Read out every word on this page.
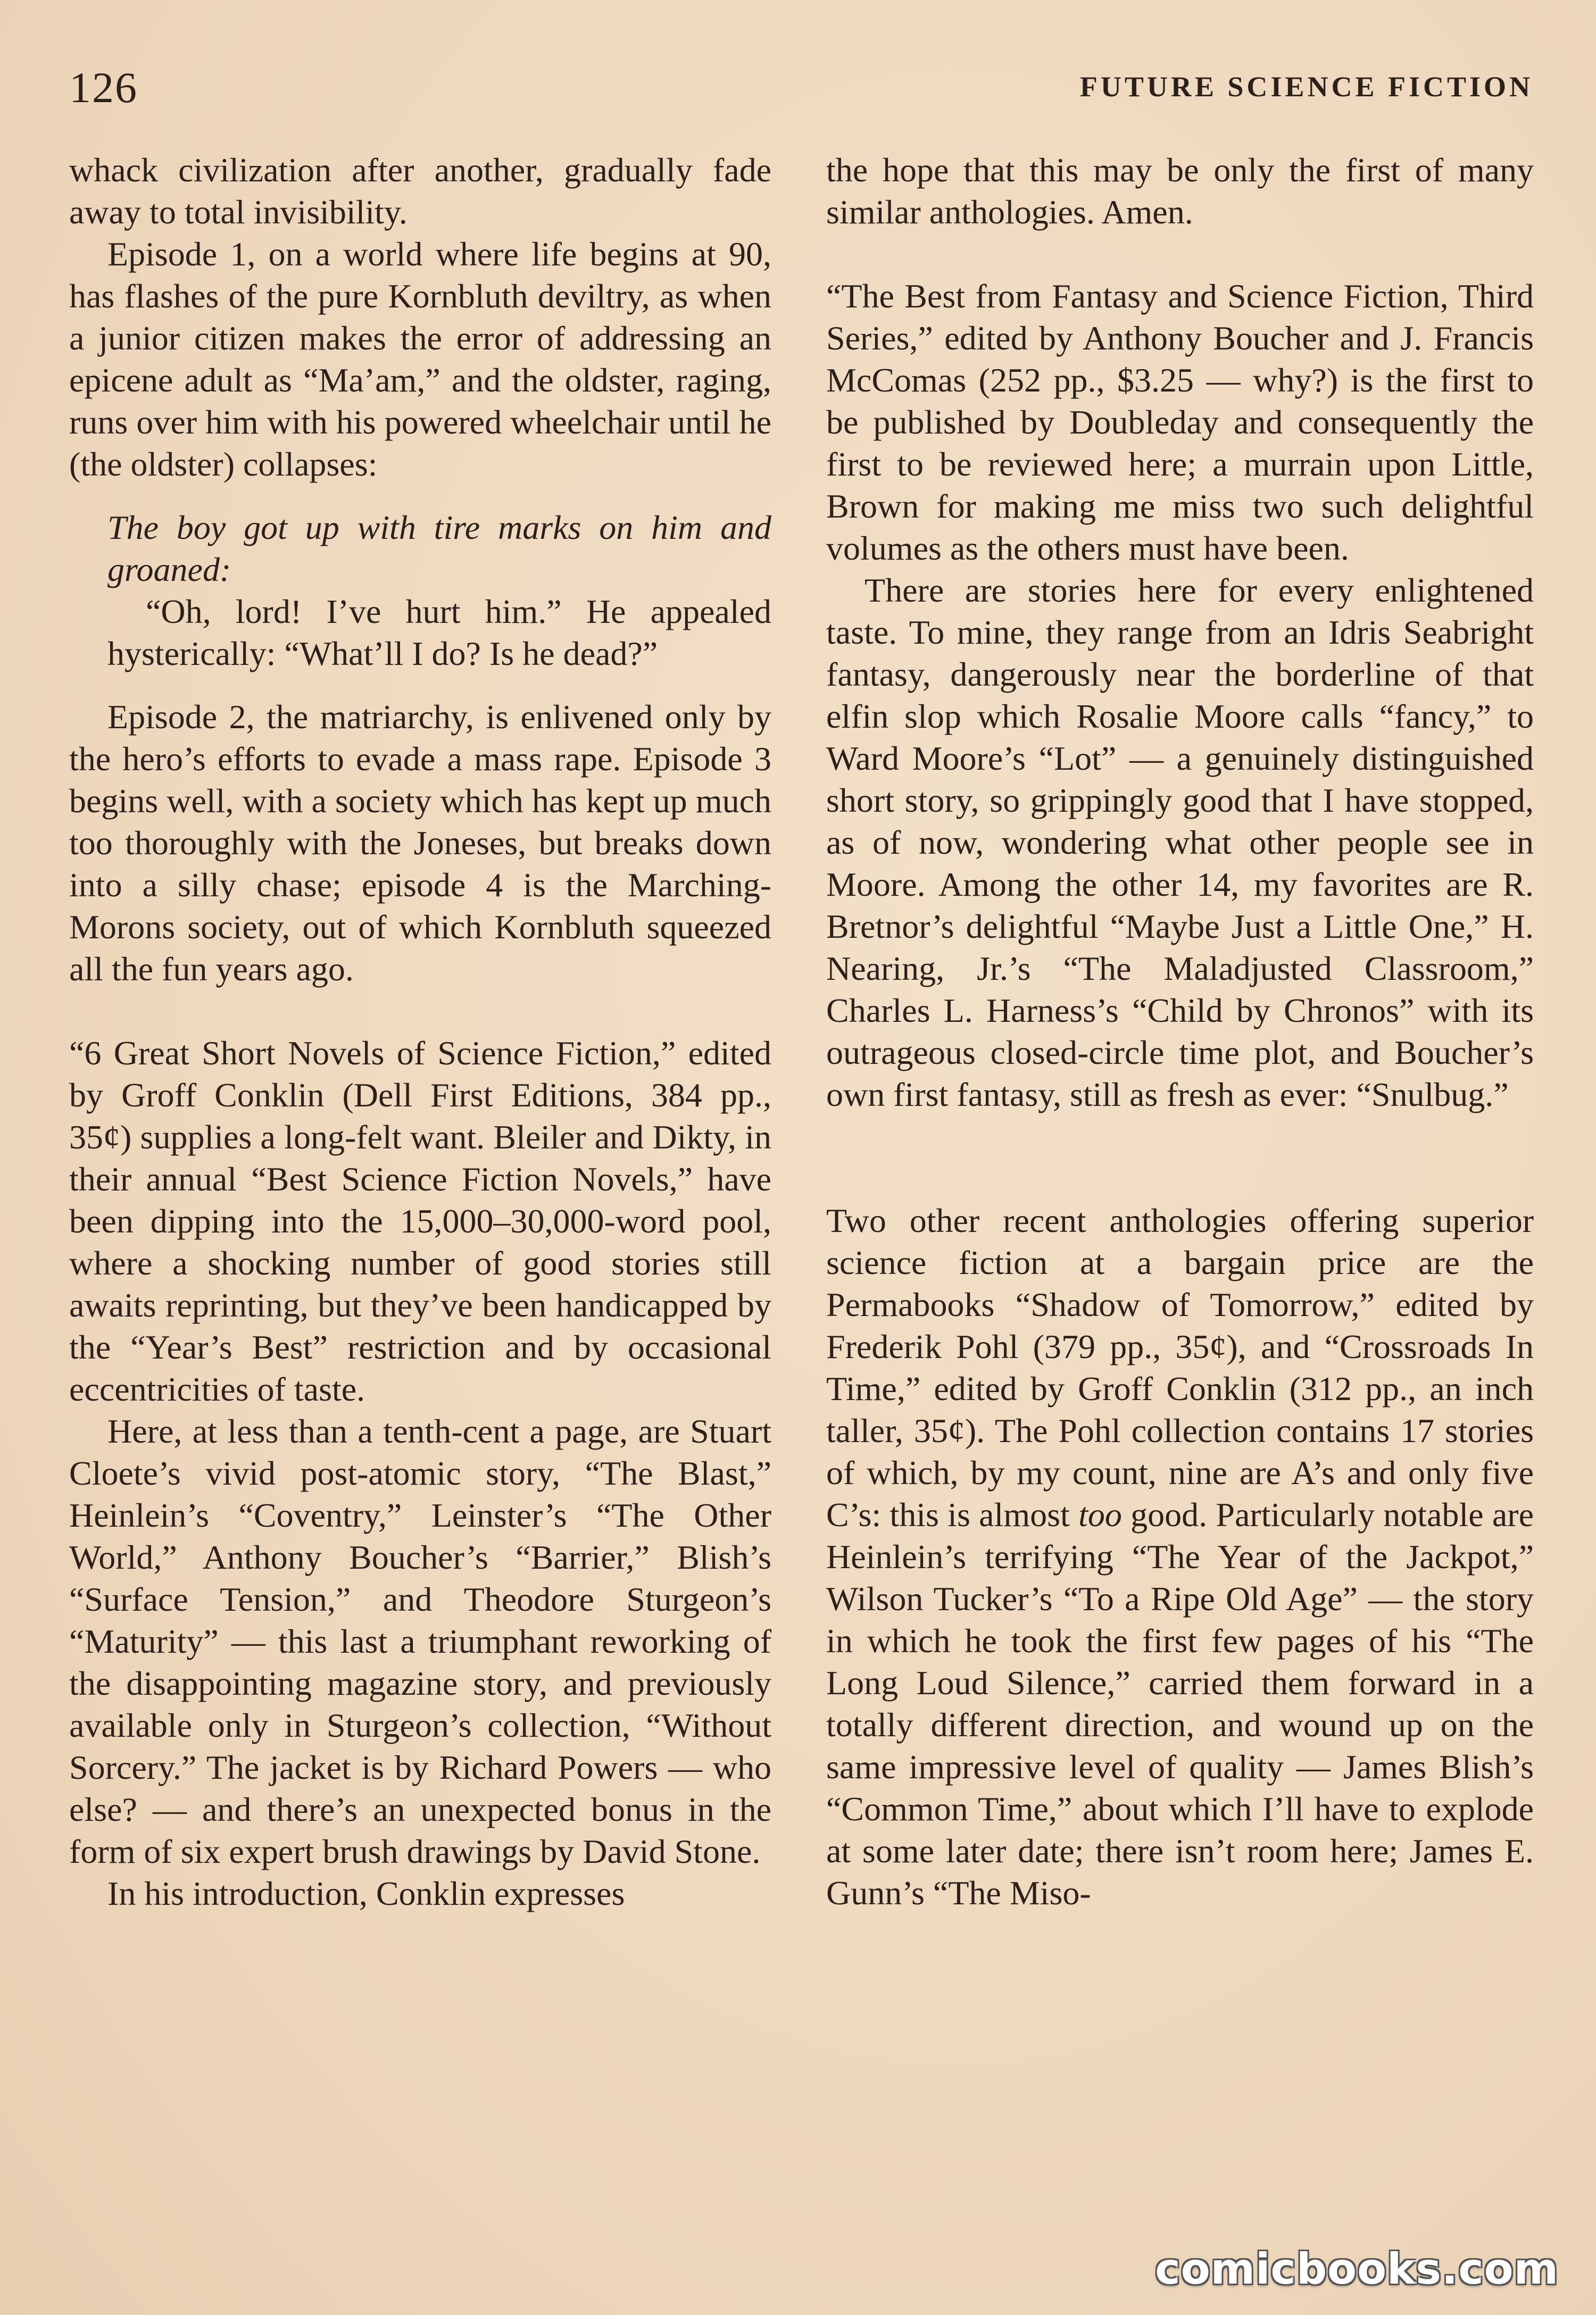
126	FUTURE SCIENCE FICTION

whack civilization after another, gradually fade away to total invisibility.

Episode 1, on a world where life begins at 90, has flashes of the pure Kornbluth deviltry, as when a junior citizen makes the error of addressing an epicene adult as “Ma’am,” and the oldster, raging, runs over him with his powered wheelchair until he (the oldster) collapses:

The boy got up with tire marks on him and groaned:

“Oh, lord! I’ve hurt him.” He appealed hysterically: “What’ll I do? Is he dead?”

Episode 2, the matriarchy, is enlivened only by the hero’s efforts to evade a mass rape. Episode 3 begins well, with a society which has kept up much too thoroughly with the Joneses, but breaks down into a silly chase; episode 4 is the Marching-Morons society, out of which Kornbluth squeezed all the fun years ago.

“6 Great Short Novels of Science Fiction,” edited by Groff Conklin (Dell First Editions, 384 pp., 35¢) supplies a long-felt want. Bleiler and Dikty, in their annual “Best Science Fiction Novels,” have been dipping into the 15,000–30,000-word pool, where a shocking number of good stories still awaits reprinting, but they’ve been handicapped by the “Year’s Best” restriction and by occasional eccentricities of taste.

Here, at less than a tenth-cent a page, are Stuart Cloete’s vivid post-atomic story, “The Blast,” Heinlein’s “Coventry,” Leinster’s “The Other World,” Anthony Boucher’s “Barrier,” Blish’s “Surface Tension,” and Theodore Sturgeon’s “Maturity” — this last a triumphant reworking of the disappointing magazine story, and previously available only in Sturgeon’s collection, “Without Sorcery.” The jacket is by Richard Powers — who else? — and there’s an unexpected bonus in the form of six expert brush drawings by David Stone.

In his introduction, Conklin expresses

the hope that this may be only the first of many similar anthologies. Amen.

“The Best from Fantasy and Science Fiction, Third Series,” edited by Anthony Boucher and J. Francis McComas (252 pp., $3.25 — why?) is the first to be published by Doubleday and consequently the first to be reviewed here; a murrain upon Little, Brown for making me miss two such delightful volumes as the others must have been.

There are stories here for every enlightened taste. To mine, they range from an Idris Seabright fantasy, dangerously near the borderline of that elfin slop which Rosalie Moore calls “fancy,” to Ward Moore’s “Lot” — a genuinely distinguished short story, so grippingly good that I have stopped, as of now, wondering what other people see in Moore. Among the other 14, my favorites are R. Bretnor’s delightful “Maybe Just a Little One,” H. Nearing, Jr.’s “The Maladjusted Classroom,” Charles L. Harness’s “Child by Chronos” with its outrageous closed-circle time plot, and Boucher’s own first fantasy, still as fresh as ever: “Snulbug.”

Two other recent anthologies offering superior science fiction at a bargain price are the Permabooks “Shadow of Tomorrow,” edited by Frederik Pohl (379 pp., 35¢), and “Crossroads In Time,” edited by Groff Conklin (312 pp., an inch taller, 35¢). The Pohl collection contains 17 stories of which, by my count, nine are A’s and only five C’s: this is almost too good. Particularly notable are Heinlein’s terrifying “The Year of the Jackpot,” Wilson Tucker’s “To a Ripe Old Age” — the story in which he took the first few pages of his “The Long Loud Silence,” carried them forward in a totally different direction, and wound up on the same impressive level of quality — James Blish’s “Common Time,” about which I’ll have to explode at some later date; there isn’t room here; James E. Gunn’s “The Miso-

comicbooks.com
